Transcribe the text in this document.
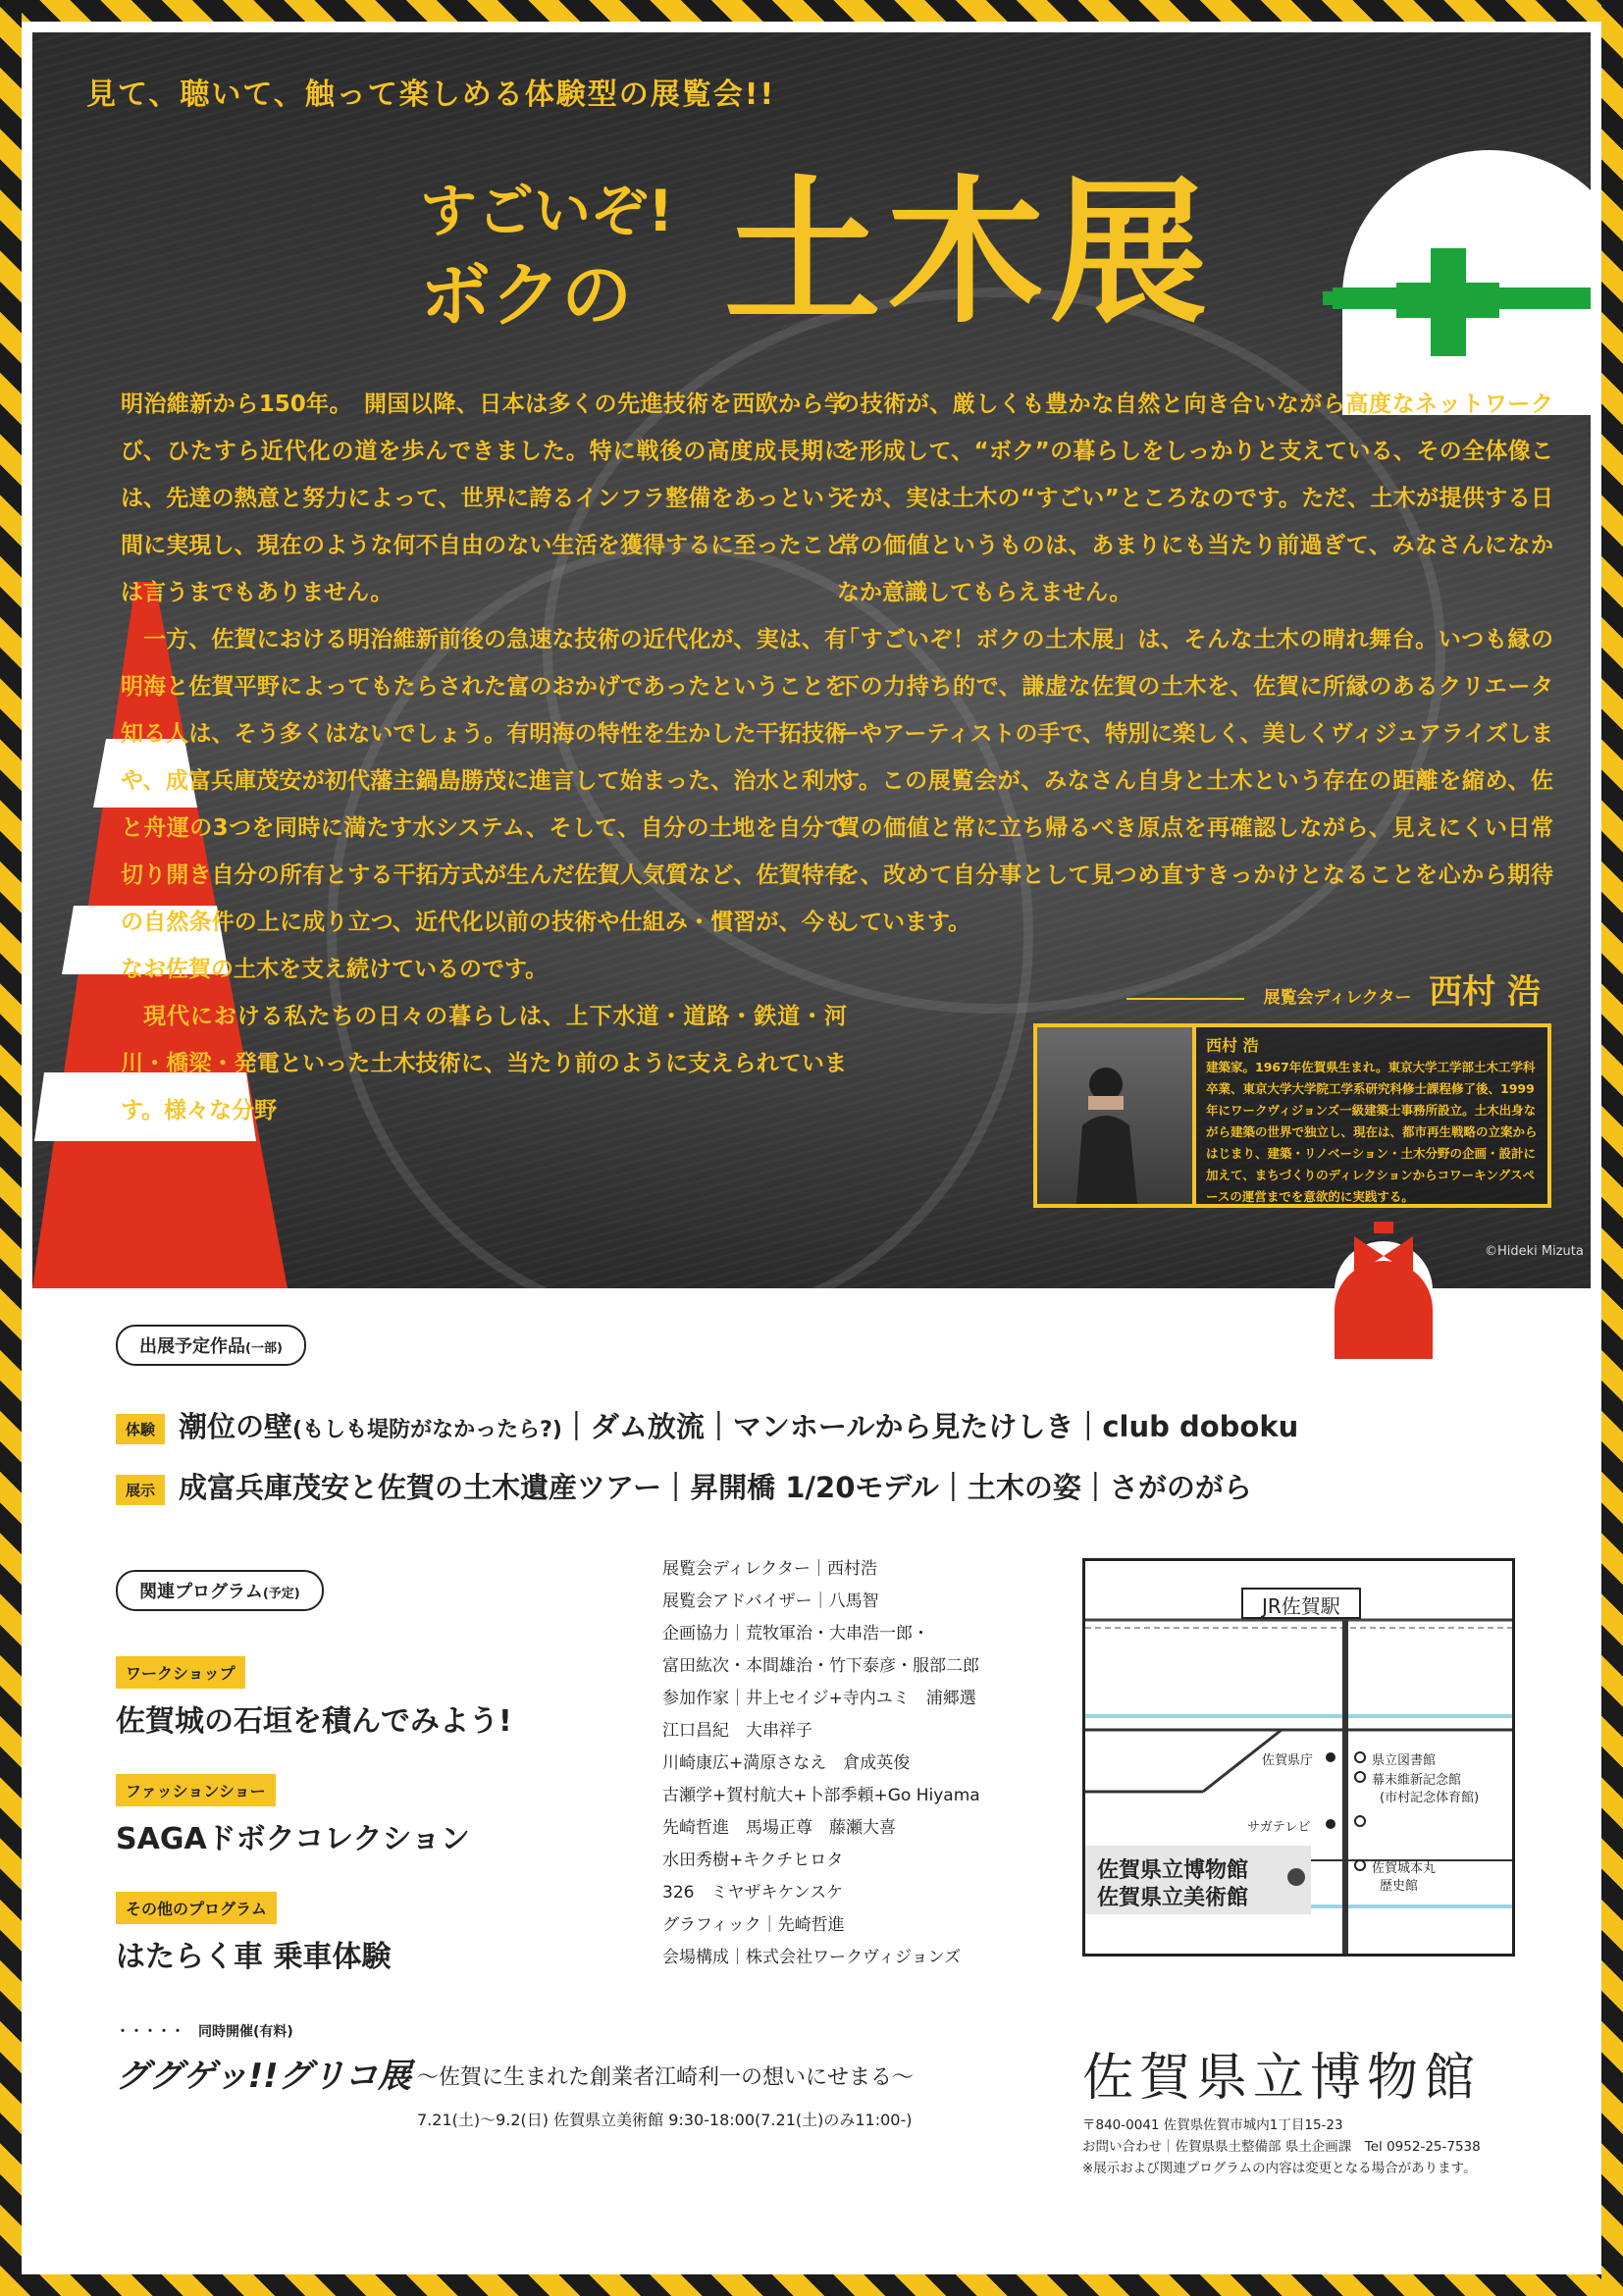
見て、聴いて、触って楽しめる体験型の展覧会!!
すごいぞ!
ボクの 土木展

明治維新から150年。　開国以降、日本は多くの先進技術を西欧から学び、ひたすら近代化の道を歩んできました。特に戦後の高度成長期には、先達の熱意と努力によって、世界に誇るインフラ整備をあっという間に実現し、現在のような何不自由のない生活を獲得するに至ったことは言うまでもありません。

一方、佐賀における明治維新前後の急速な技術の近代化が、実は、有明海と佐賀平野によってもたらされた富のおかげであったということを知る人は、そう多くはないでしょう。有明海の特性を生かした干拓技術や、成富兵庫茂安が初代藩主鍋島勝茂に進言して始まった、治水と利水と舟運の3つを同時に満たす水システム、そして、自分の土地を自分で切り開き自分の所有とする干拓方式が生んだ佐賀人気質など、佐賀特有の自然条件の上に成り立つ、近代化以前の技術や仕組み・慣習が、今もなお佐賀の土木を支え続けているのです。

現代における私たちの日々の暮らしは、上下水道・道路・鉄道・河川・橋梁・発電といった土木技術に、当たり前のように支えられています。様々な分野

の技術が、厳しくも豊かな自然と向き合いながら高度なネットワークを形成して、“ボク”の暮らしをしっかりと支えている、その全体像こそが、実は土木の“すごい”ところなのです。ただ、土木が提供する日常の価値というものは、あまりにも当たり前過ぎて、みなさんになかなか意識してもらえません。

「すごいぞ！ボクの土木展」は、そんな土木の晴れ舞台。いつも縁の下の力持ち的で、謙虚な佐賀の土木を、佐賀に所縁のあるクリエーターやアーティストの手で、特別に楽しく、美しくヴィジュアライズします。この展覧会が、みなさん自身と土木という存在の距離を縮め、佐賀の価値と常に立ち帰るべき原点を再確認しながら、見えにくい日常を、改めて自分事として見つめ直すきっかけとなることを心から期待しています。

展覧会ディレクター 西村 浩
西村 浩
建築家。1967年佐賀県生まれ。東京大学工学部土木工学科卒業、東京大学大学院工学系研究科修士課程修了後、1999年にワークヴィジョンズ一級建築士事務所設立。土木出身ながら建築の世界で独立し、現在は、都市再生戦略の立案からはじまり、建築・リノベーション・土木分野の企画・設計に加えて、まちづくりのディレクションからコワーキングスペースの運営までを意欲的に実践する。
©Hideki Mizuta
出展予定作品(一部)
体験 潮位の壁(もしも堤防がなかったら?)｜ダム放流｜マンホールから見たけしき｜club doboku
展示 成富兵庫茂安と佐賀の土木遺産ツアー｜昇開橋 1/20モデル｜土木の姿｜さがのがら
関連プログラム(予定)
ワークショップ
佐賀城の石垣を積んでみよう!
ファッションショー
SAGAドボクコレクション
その他のプログラム
はたらく車 乗車体験
展覧会ディレクター｜西村浩
展覧会アドバイザー｜八馬智
企画協力｜荒牧軍治・大串浩一郎・
富田紘次・本間雄治・竹下泰彦・服部二郎
参加作家｜井上セイジ+寺内ユミ　浦郷選
江口昌紀　大串祥子
川崎康広+満原さなえ　倉成英俊
古瀬学+賀村航大+卜部季頼+Go Hiyama
先崎哲進　馬場正尊　藤瀬大喜
水田秀樹+キクチヒロタ
326　ミヤザキケンスケ
グラフィック｜先崎哲進
会場構成｜株式会社ワークヴィジョンズ
JR佐賀駅
佐賀県庁	県立図書館
幕末維新記念館
(市村記念体育館)
サガテレビ
佐賀城本丸
歴史館
佐賀県立博物館
佐賀県立美術館
佐賀県立博物館
〒840-0041 佐賀県佐賀市城内1丁目15-23
お問い合わせ｜佐賀県県土整備部 県土企画課　Tel 0952-25-7538
※展示および関連プログラムの内容は変更となる場合があります。
・・・・・　 同時開催(有料)
ググゲッ!!グリコ展 〜佐賀に生まれた創業者江崎利一の想いにせまる〜
7.21(土)〜9.2(日) 佐賀県立美術館 9:30-18:00(7.21(土)のみ11:00-)
